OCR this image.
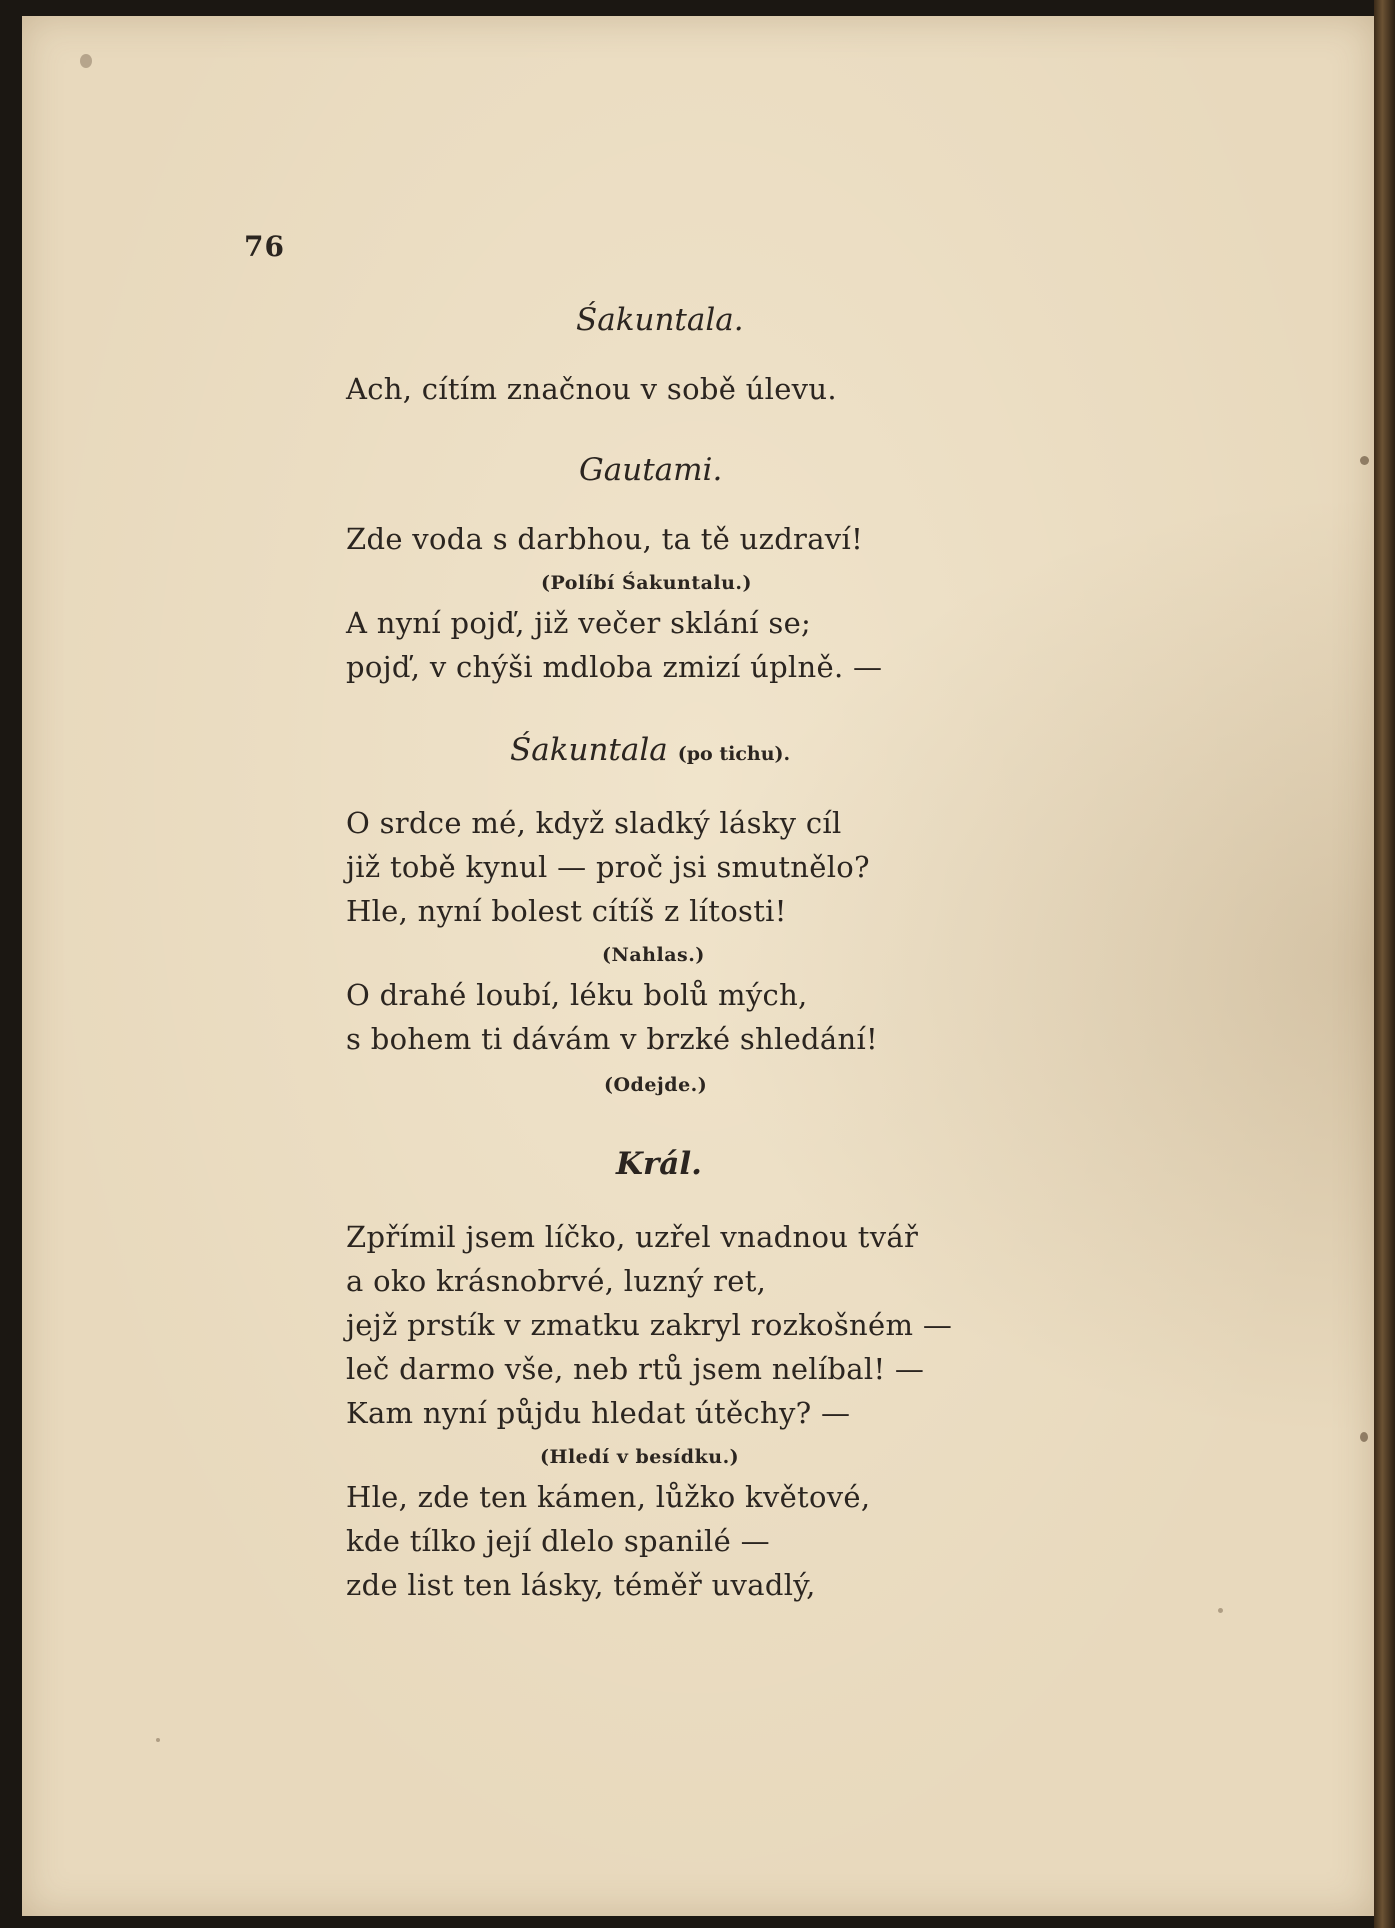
76
Śakuntala.
Ach, cítím značnou v sobě úlevu.
Gautami.
Zde voda s darbhou, ta tě uzdraví!
(Políbí Śakuntalu.)
A nyní pojď, již večer sklání se;
pojď, v chýši mdloba zmizí úplně. —
Śakuntala (po tichu).
O srdce mé, když sladký lásky cíl
již tobě kynul — proč jsi smutnělo?
Hle, nyní bolest cítíš z lítosti!
(Nahlas.)
O drahé loubí, léku bolů mých,
s bohem ti dávám v brzké shledání!
(Odejde.)
Král.
Zpřímil jsem líčko, uzřel vnadnou tvář
a oko krásnobrvé, luzný ret,
jejž prstík v zmatku zakryl rozkošném —
leč darmo vše, neb rtů jsem nelíbal! —
Kam nyní půjdu hledat útěchy? —
(Hledí v besídku.)
Hle, zde ten kámen, lůžko květové,
kde tílko její dlelo spanilé —
zde list ten lásky, téměř uvadlý,
